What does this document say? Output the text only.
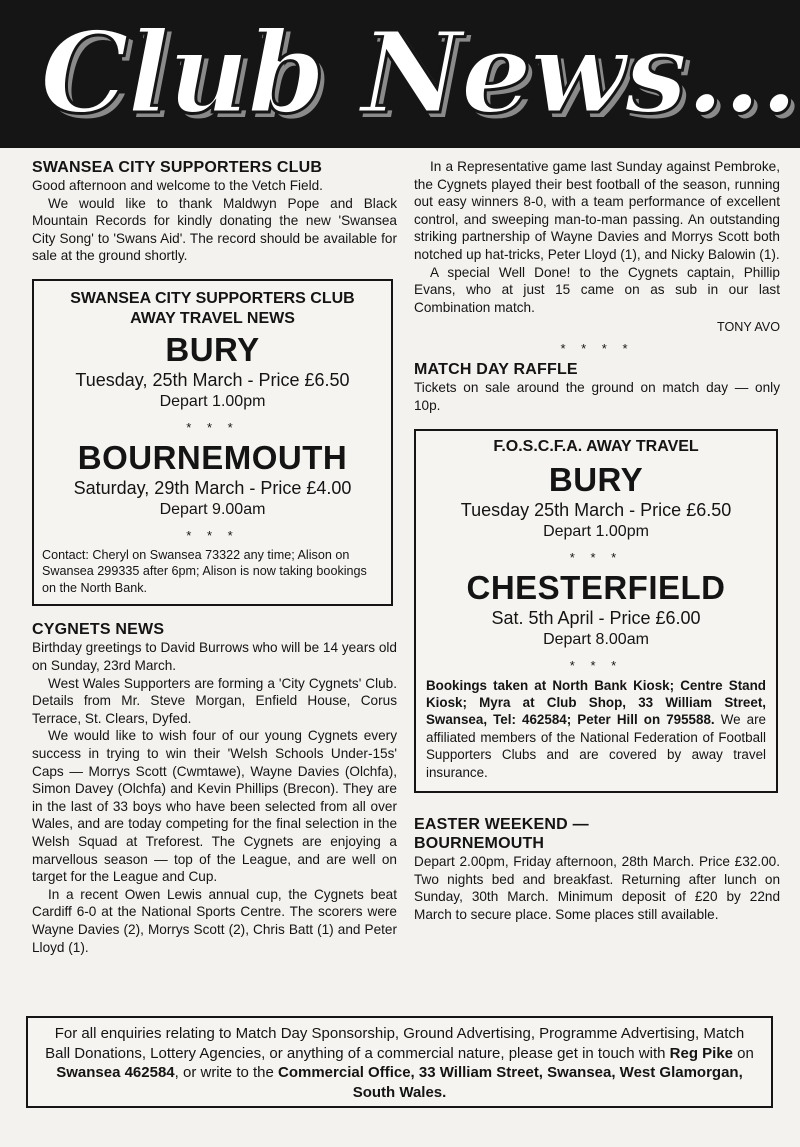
Club News...
SWANSEA CITY SUPPORTERS CLUB

Good afternoon and welcome to the Vetch Field.

We would like to thank Maldwyn Pope and Black Mountain Records for kindly donating the new 'Swansea City Song' to 'Swans Aid'. The record should be available for sale at the ground shortly.

SWANSEA CITY SUPPORTERS CLUB
AWAY TRAVEL NEWS
BURY
Tuesday, 25th March - Price £6.50
Depart 1.00pm
* * *
BOURNEMOUTH
Saturday, 29th March - Price £4.00
Depart 9.00am
* * *
Contact: Cheryl on Swansea 73322 any time; Alison on Swansea 299335 after 6pm; Alison is now taking bookings on the North Bank.
CYGNETS NEWS

Birthday greetings to David Burrows who will be 14 years old on Sunday, 23rd March.

West Wales Supporters are forming a 'City Cygnets' Club. Details from Mr. Steve Morgan, Enfield House, Corus Terrace, St. Clears, Dyfed.

We would like to wish four of our young Cygnets every success in trying to win their 'Welsh Schools Under-15s' Caps — Morrys Scott (Cwmtawe), Wayne Davies (Olchfa), Simon Davey (Olchfa) and Kevin Phillips (Brecon). They are in the last of 33 boys who have been selected from all over Wales, and are today competing for the final selection in the Welsh Squad at Treforest. The Cygnets are enjoying a marvellous season — top of the League, and are well on target for the League and Cup.

In a recent Owen Lewis annual cup, the Cygnets beat Cardiff 6-0 at the National Sports Centre. The scorers were Wayne Davies (2), Morrys Scott (2), Chris Batt (1) and Peter Lloyd (1).

In a Representative game last Sunday against Pembroke, the Cygnets played their best football of the season, running out easy winners 8-0, with a team performance of excellent control, and sweeping man-to-man passing. An outstanding striking partnership of Wayne Davies and Morrys Scott both notched up hat-tricks, Peter Lloyd (1), and Nicky Balowin (1).

A special Well Done! to the Cygnets captain, Phillip Evans, who at just 15 came on as sub in our last Combination match.

TONY AVO
* * * *
MATCH DAY RAFFLE

Tickets on sale around the ground on match day — only 10p.

F.O.S.C.F.A. AWAY TRAVEL
BURY
Tuesday 25th March - Price £6.50
Depart 1.00pm
* * *
CHESTERFIELD
Sat. 5th April - Price £6.00
Depart 8.00am
* * *
Bookings taken at North Bank Kiosk; Centre Stand Kiosk; Myra at Club Shop, 33 William Street, Swansea, Tel: 462584; Peter Hill on 795588. We are affiliated members of the National Federation of Football Supporters Clubs and are covered by away travel insurance.
EASTER WEEKEND —
BOURNEMOUTH

Depart 2.00pm, Friday afternoon, 28th March. Price £32.00. Two nights bed and breakfast. Returning after lunch on Sunday, 30th March. Minimum deposit of £20 by 22nd March to secure place. Some places still available.

For all enquiries relating to Match Day Sponsorship, Ground Advertising, Programme Advertising, Match Ball Donations, Lottery Agencies, or anything of a commercial nature, please get in touch with Reg Pike on Swansea 462584, or write to the Commercial Office, 33 William Street, Swansea, West Glamorgan, South Wales.
